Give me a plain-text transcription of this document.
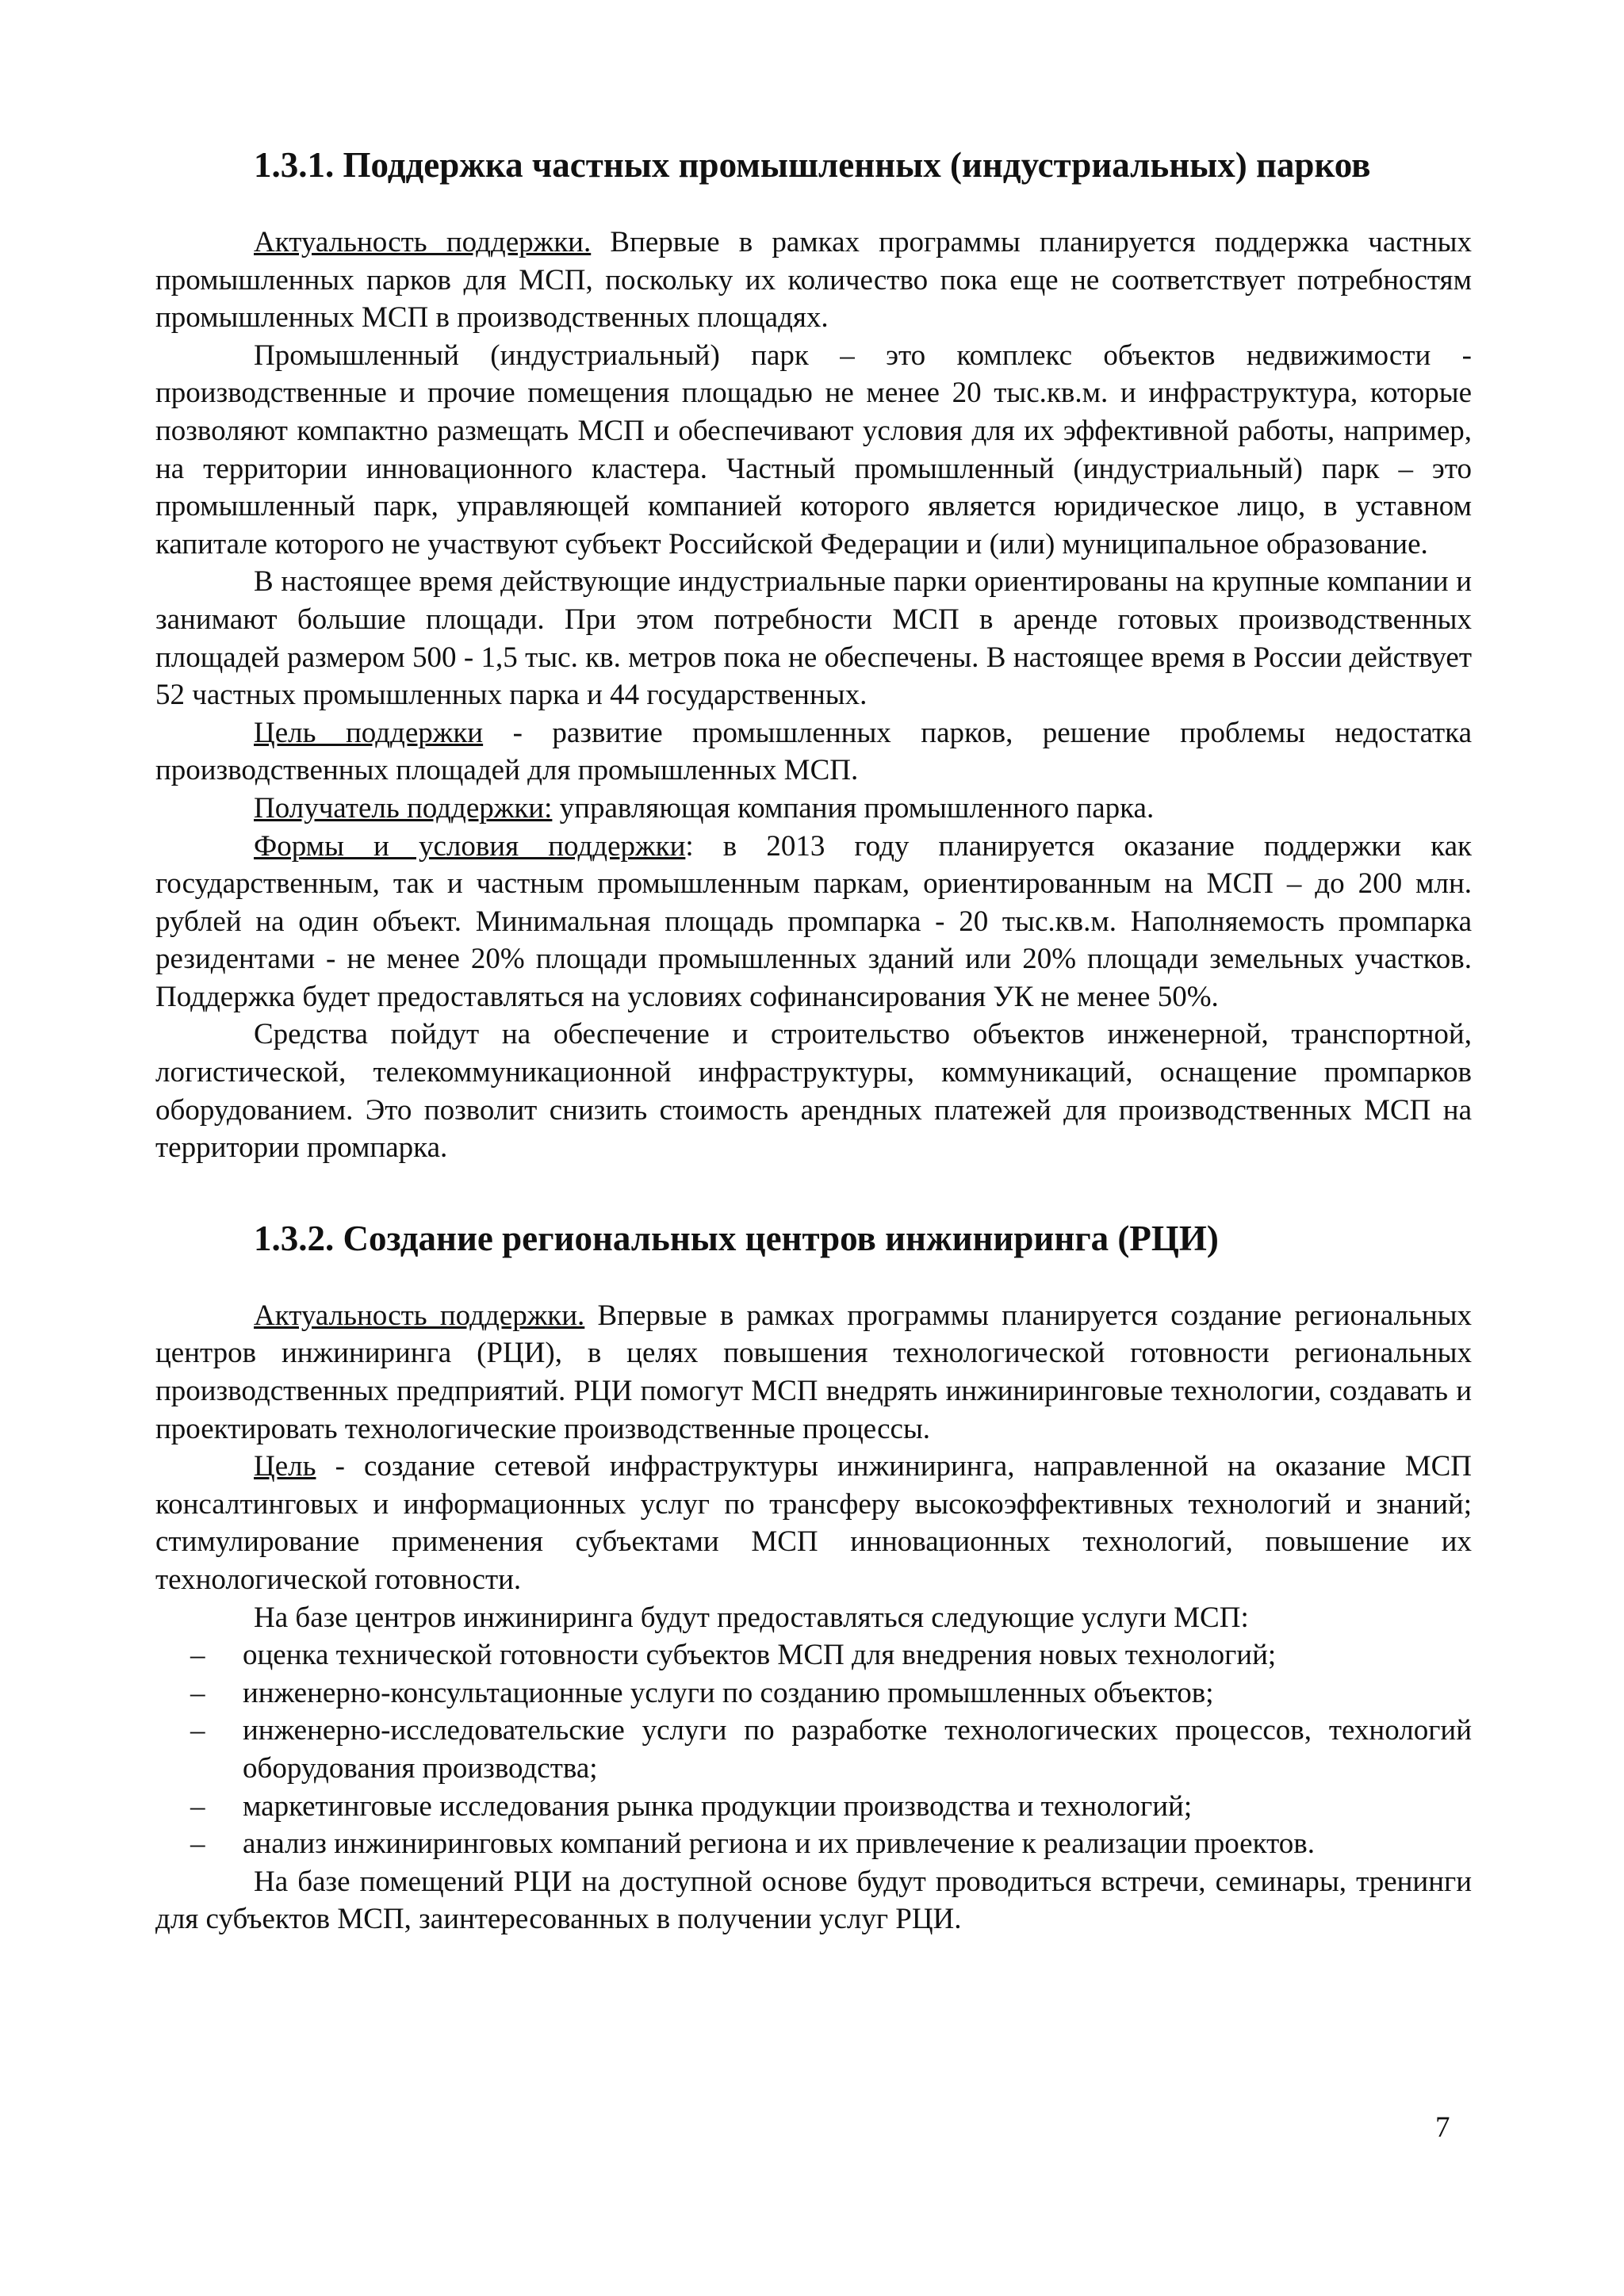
1.3.1. Поддержка частных промышленных (индустриальных) парков

Актуальность поддержки. Впервые в рамках программы планируется поддержка частных промышленных парков для МСП, поскольку их количество пока еще не соответствует потребностям промышленных МСП в производственных площадях.

Промышленный (индустриальный) парк – это комплекс объектов недвижимости - производственные и прочие помещения площадью не менее 20 тыс.кв.м. и инфраструктура, которые позволяют компактно размещать МСП и обеспечивают условия для их эффективной работы, например, на территории инновационного кластера. Частный промышленный (индустриальный) парк – это промышленный парк, управляющей компанией которого является юридическое лицо, в уставном капитале которого не участвуют субъект Российской Федерации и (или) муниципальное образование.

В настоящее время действующие индустриальные парки ориентированы на крупные компании и занимают большие площади. При этом потребности МСП в аренде готовых производственных площадей размером 500 - 1,5 тыс. кв. метров пока не обеспечены. В настоящее время в России действует 52 частных промышленных парка и 44 государственных.

Цель поддержки - развитие промышленных парков, решение проблемы недостатка производственных площадей для промышленных МСП.

Получатель поддержки: управляющая компания промышленного парка.

Формы и условия поддержки: в 2013 году планируется оказание поддержки как государственным, так и частным промышленным паркам, ориентированным на МСП – до 200 млн. рублей на один объект. Минимальная площадь промпарка - 20 тыс.кв.м. Наполняемость промпарка резидентами - не менее 20% площади промышленных зданий или 20% площади земельных участков. Поддержка будет предоставляться на условиях софинансирования УК не менее 50%.

Средства пойдут на обеспечение и строительство объектов инженерной, транспортной, логистической, телекоммуникационной инфраструктуры, коммуникаций, оснащение промпарков оборудованием. Это позволит снизить стоимость арендных платежей для производственных МСП на территории промпарка.

1.3.2. Создание региональных центров инжиниринга (РЦИ)

Актуальность поддержки. Впервые в рамках программы планируется создание региональных центров инжиниринга (РЦИ), в целях повышения технологической готовности региональных производственных предприятий. РЦИ помогут МСП внедрять инжиниринговые технологии, создавать и проектировать технологические производственные процессы.

Цель - создание сетевой инфраструктуры инжиниринга, направленной на оказание МСП консалтинговых и информационных услуг по трансферу высокоэффективных технологий и знаний; стимулирование применения субъектами МСП инновационных технологий, повышение их технологической готовности.

На базе центров инжиниринга будут предоставляться следующие услуги МСП:

– оценка технической готовности субъектов МСП для внедрения новых технологий;
– инженерно-консультационные услуги по созданию промышленных объектов;
– инженерно-исследовательские услуги по разработке технологических процессов, технологий оборудования производства;
– маркетинговые исследования рынка продукции производства и технологий;
– анализ инжиниринговых компаний региона и их привлечение к реализации проектов.

На базе помещений РЦИ на доступной основе будут проводиться встречи, семинары, тренинги для субъектов МСП, заинтересованных в получении услуг РЦИ.

7
